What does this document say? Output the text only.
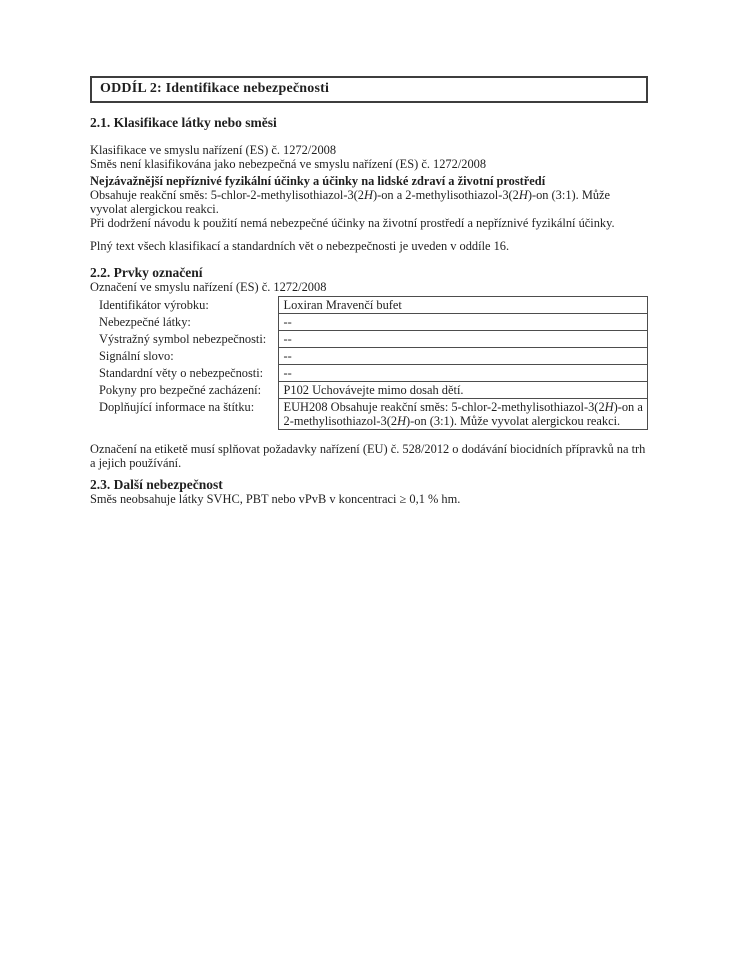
ODDÍL 2: Identifikace nebezpečnosti
2.1. Klasifikace látky nebo směsi
Klasifikace ve smyslu nařízení (ES) č. 1272/2008
Směs není klasifikována jako nebezpečná ve smyslu nařízení (ES) č. 1272/2008
Nejzávažnější nepříznivé fyzikální účinky a účinky na lidské zdraví a životní prostředí
Obsahuje reakční směs: 5-chlor-2-methylisothiazol-3(2H)-on a 2-methylisothiazol-3(2H)-on (3:1). Může vyvolat alergickou reakci.
Při dodržení návodu k použití nemá nebezpečné účinky na životní prostředí a nepříznivé fyzikální účinky.
Plný text všech klasifikací a standardních vět o nebezpečnosti je uveden v oddíle 16.
2.2. Prvky označení
Označení ve smyslu nařízení (ES) č. 1272/2008
Identifikátor výrobku:	Loxiran Mravenčí bufet
Nebezpečné látky:	--
Výstražný symbol nebezpečnosti:	--
Signální slovo:	--
Standardní věty o nebezpečnosti:	--
Pokyny pro bezpečné zacházení:	P102 Uchovávejte mimo dosah dětí.
Doplňující informace na štítku:	EUH208 Obsahuje reakční směs: 5-chlor-2-methylisothiazol-3(2H)-on a 2-methylisothiazol-3(2H)-on (3:1). Může vyvolat alergickou reakci.
Označení na etiketě musí splňovat požadavky nařízení (EU) č. 528/2012 o dodávání biocidních přípravků na trh a jejich používání.
2.3. Další nebezpečnost
Směs neobsahuje látky SVHC, PBT nebo vPvB v koncentraci ≥ 0,1 % hm.
